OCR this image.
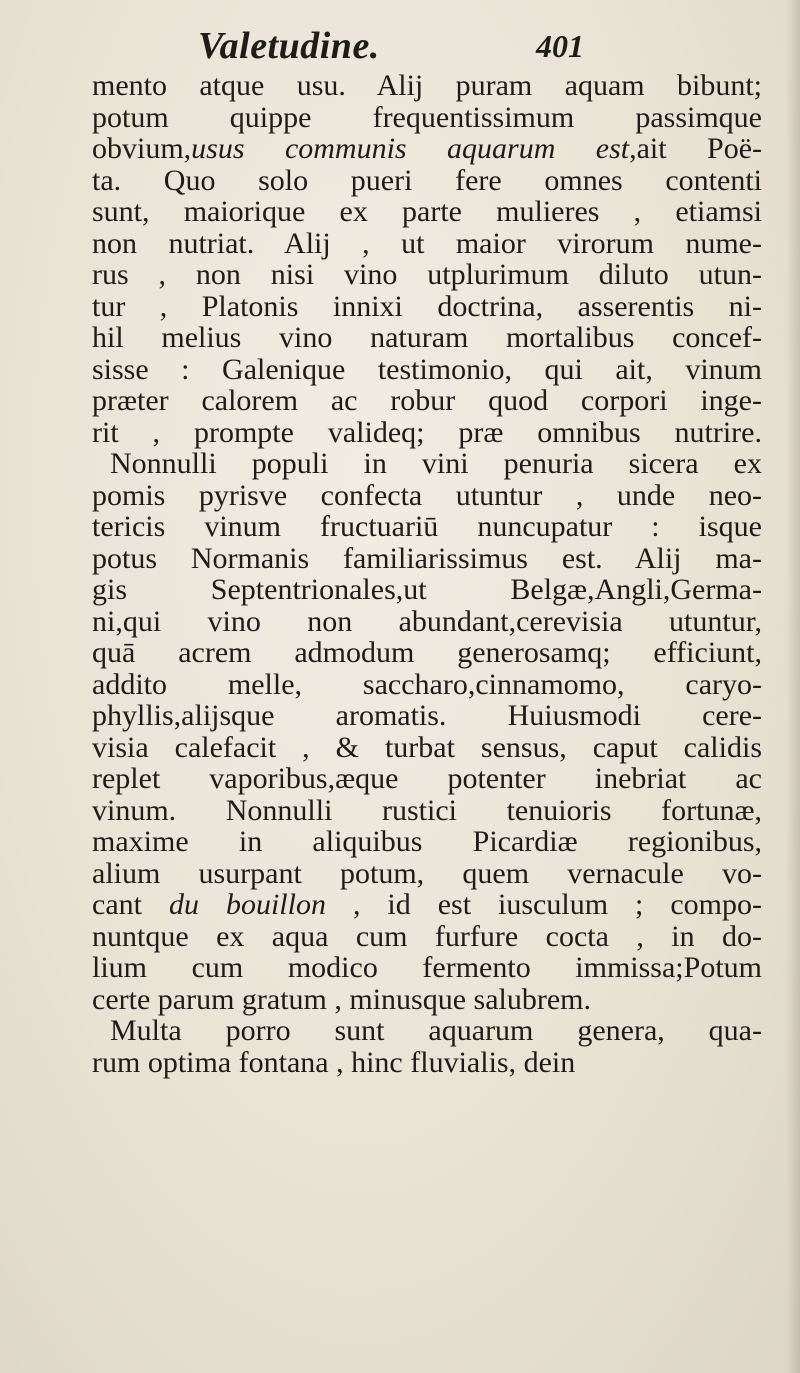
Valetudine.	401
mento atque usu. Alij puram aquam bibunt;
potum quippe frequentissimum passimque
obvium,usus communis aquarum est,ait Poë-
ta. Quo solo pueri fere omnes contenti
sunt, maiorique ex parte mulieres , etiamsi
non nutriat. Alij , ut maior virorum nume-
rus , non nisi vino utplurimum diluto utun-
tur , Platonis innixi doctrina, asserentis ni-
hil melius vino naturam mortalibus concef-
sisse : Galenique testimonio, qui ait, vinum
præter calorem ac robur quod corpori inge-
rit , prompte valideq; præ omnibus nutrire.
Nonnulli populi in vini penuria sicera ex
pomis pyrisve confecta utuntur , unde neo-
tericis vinum fructuariū nuncupatur : isque
potus Normanis familiarissimus est. Alij ma-
gis Septentrionales,ut Belgæ,Angli,Germa-
ni,qui vino non abundant,cerevisia utuntur,
quā acrem admodum generosamq; efficiunt,
addito melle, saccharo,cinnamomo, caryo-
phyllis,alijsque aromatis. Huiusmodi cere-
visia calefacit , & turbat sensus, caput calidis
replet vaporibus,æque potenter inebriat ac
vinum. Nonnulli rustici tenuioris fortunæ,
maxime in aliquibus Picardiæ regionibus,
alium usurpant potum, quem vernacule vo-
cant du bouillon , id est iusculum ; compo-
nuntque ex aqua cum furfure cocta , in do-
lium cum modico fermento immissa;Potum
certe parum gratum , minusque salubrem.
Multa porro sunt aquarum genera, qua-
rum optima fontana , hinc fluvialis, dein
